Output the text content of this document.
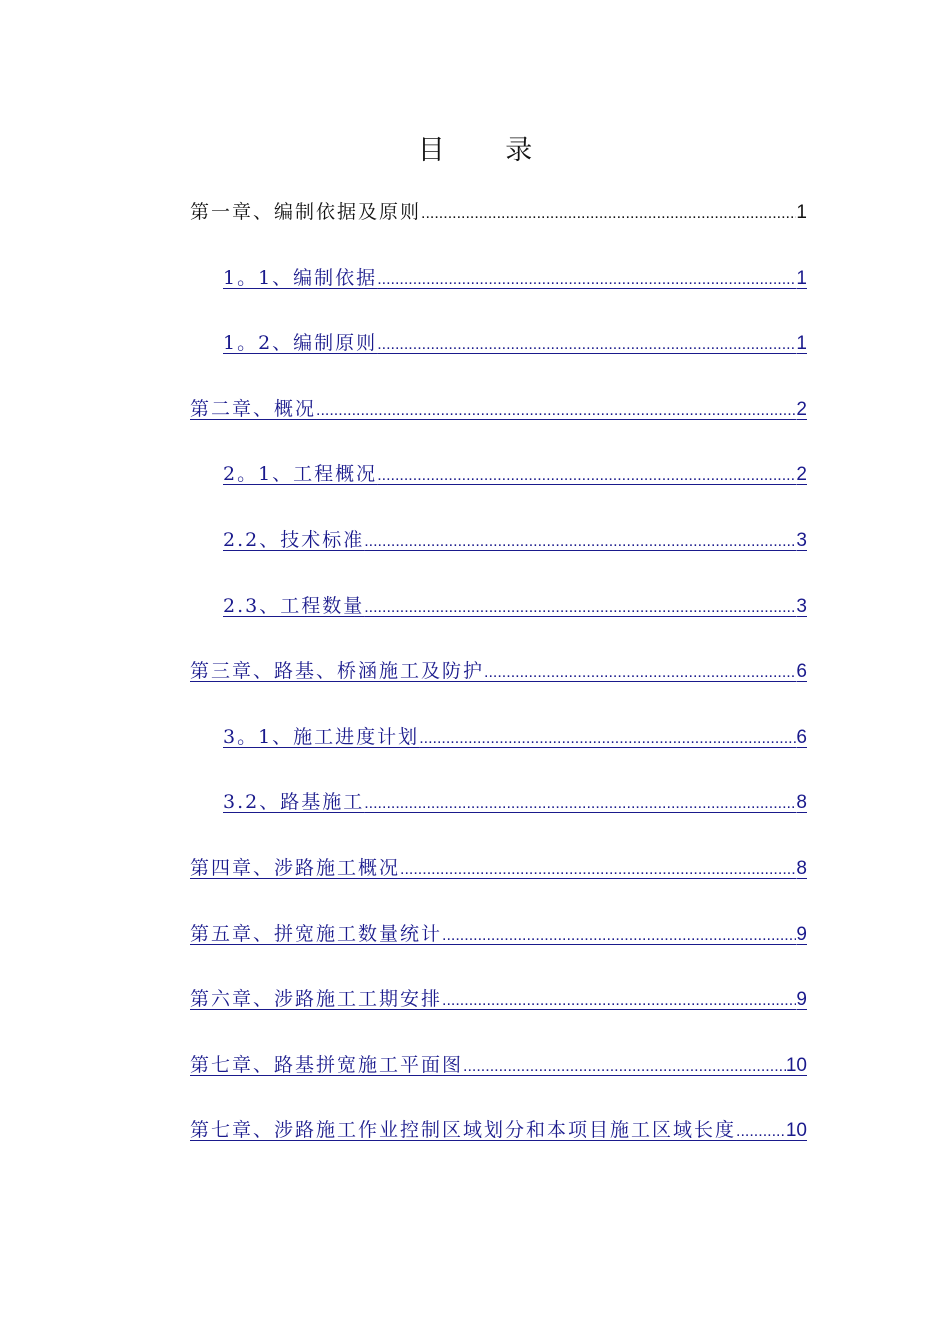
目 录
第一章、编制依据及原则 .....	1
1。1、编制依据 .....	1
1。2、编制原则 .....	1
第二章、概况 .....	2
2。1、工程概况 .....	2
2.2、技术标准 .....	3
2.3、工程数量 .....	3
第三章、路基、桥涵施工及防护 .....	6
3。1、施工进度计划 .....	6
3.2、路基施工 .....	8
第四章、涉路施工概况 .....	8
第五章、拼宽施工数量统计 .....	9
第六章、涉路施工工期安排 .....	9
第七章、路基拼宽施工平面图 .....	10
第七章、涉路施工作业控制区域划分和本项目施工区域长度 .....	10
